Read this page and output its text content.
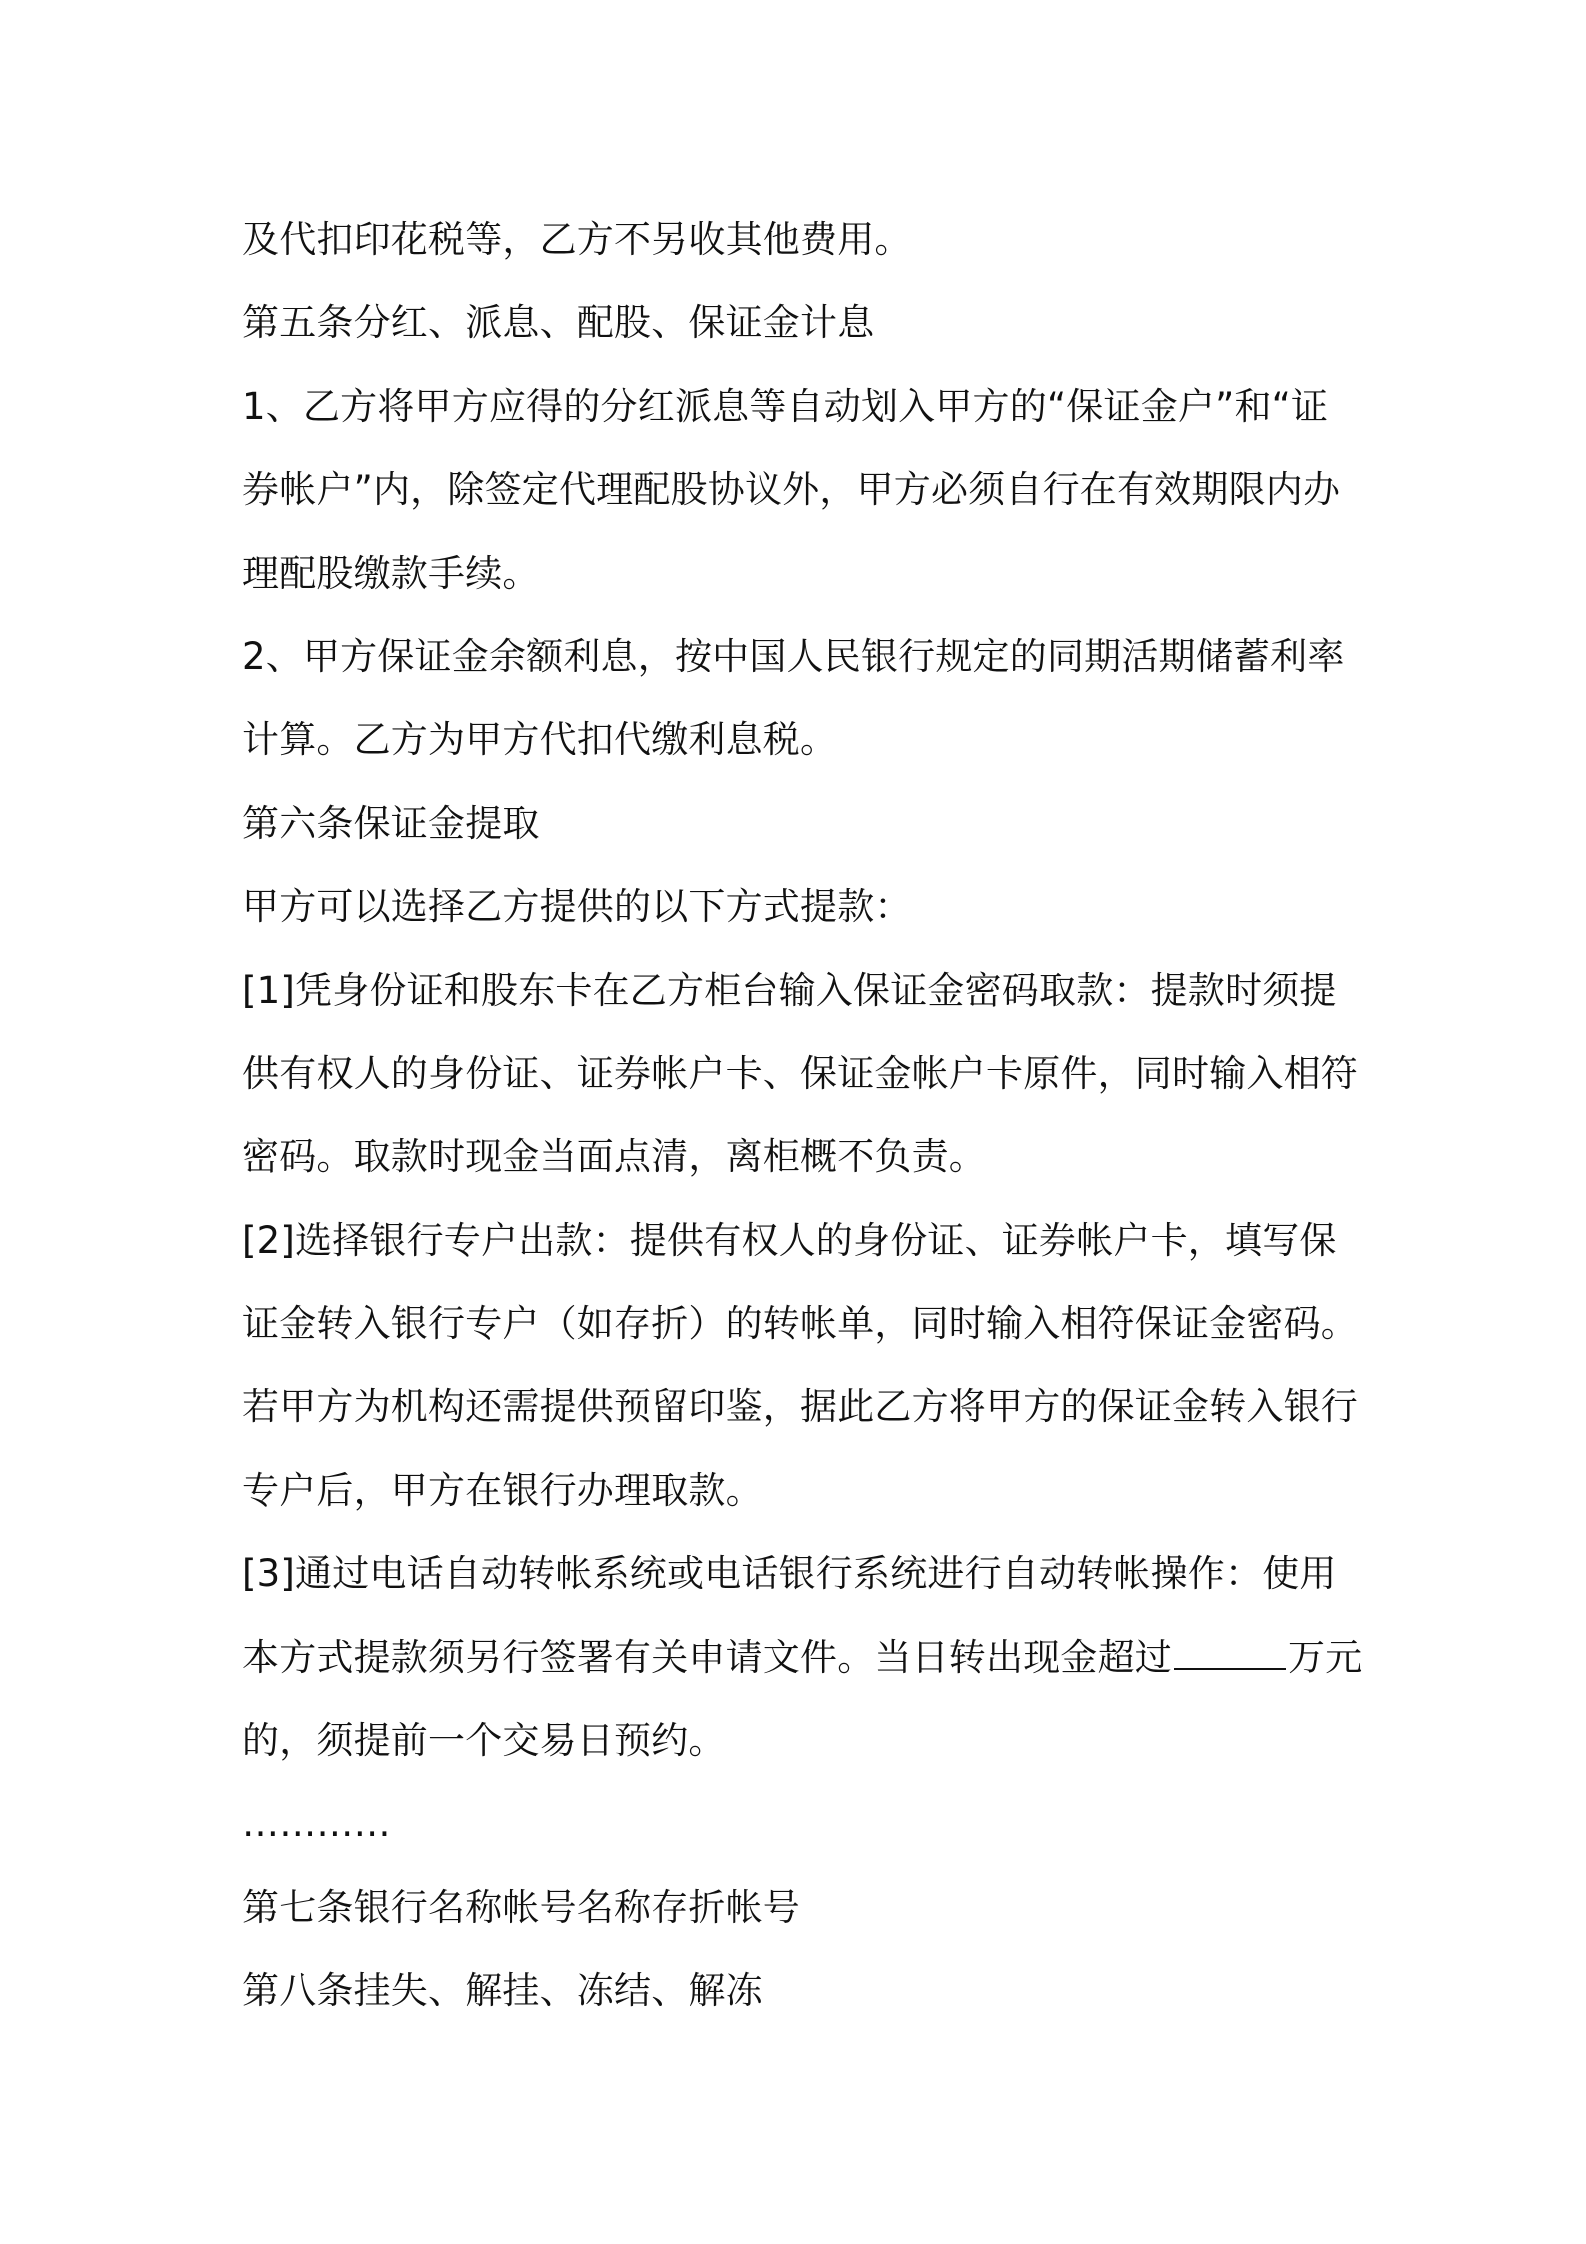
及代扣印花税等，乙方不另收其他费用。
第五条分红、派息、配股、保证金计息
1、乙方将甲方应得的分红派息等自动划入甲方的“保证金户”和“证
券帐户”内，除签定代理配股协议外，甲方必须自行在有效期限内办
理配股缴款手续。
2、甲方保证金余额利息，按中国人民银行规定的同期活期储蓄利率
计算。乙方为甲方代扣代缴利息税。
第六条保证金提取
甲方可以选择乙方提供的以下方式提款：
[1]凭身份证和股东卡在乙方柜台输入保证金密码取款：提款时须提
供有权人的身份证、证券帐户卡、保证金帐户卡原件，同时输入相符
密码。取款时现金当面点清，离柜概不负责。
[2]选择银行专户出款：提供有权人的身份证、证券帐户卡，填写保
证金转入银行专户（如存折）的转帐单，同时输入相符保证金密码。
若甲方为机构还需提供预留印鉴，据此乙方将甲方的保证金转入银行
专户后，甲方在银行办理取款。
[3]通过电话自动转帐系统或电话银行系统进行自动转帐操作：使用
本方式提款须另行签署有关申请文件。当日转出现金超过	万元
的，须提前一个交易日预约。
…………
第七条银行名称帐号名称存折帐号
第八条挂失、解挂、冻结、解冻
